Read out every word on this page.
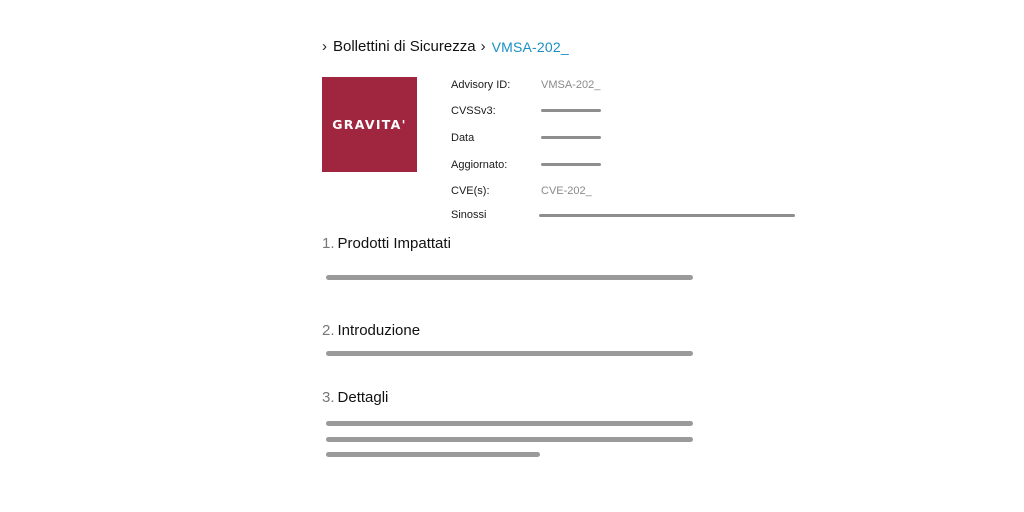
› Bollettini di Sicurezza › VMSA-202_
GRAVITA'
Advisory ID:	VMSA-202_
CVSSv3:
Data
Aggiornato:
CVE(s):	CVE-202_
Sinossi
1. Prodotti Impattati
2. Introduzione
3. Dettagli
